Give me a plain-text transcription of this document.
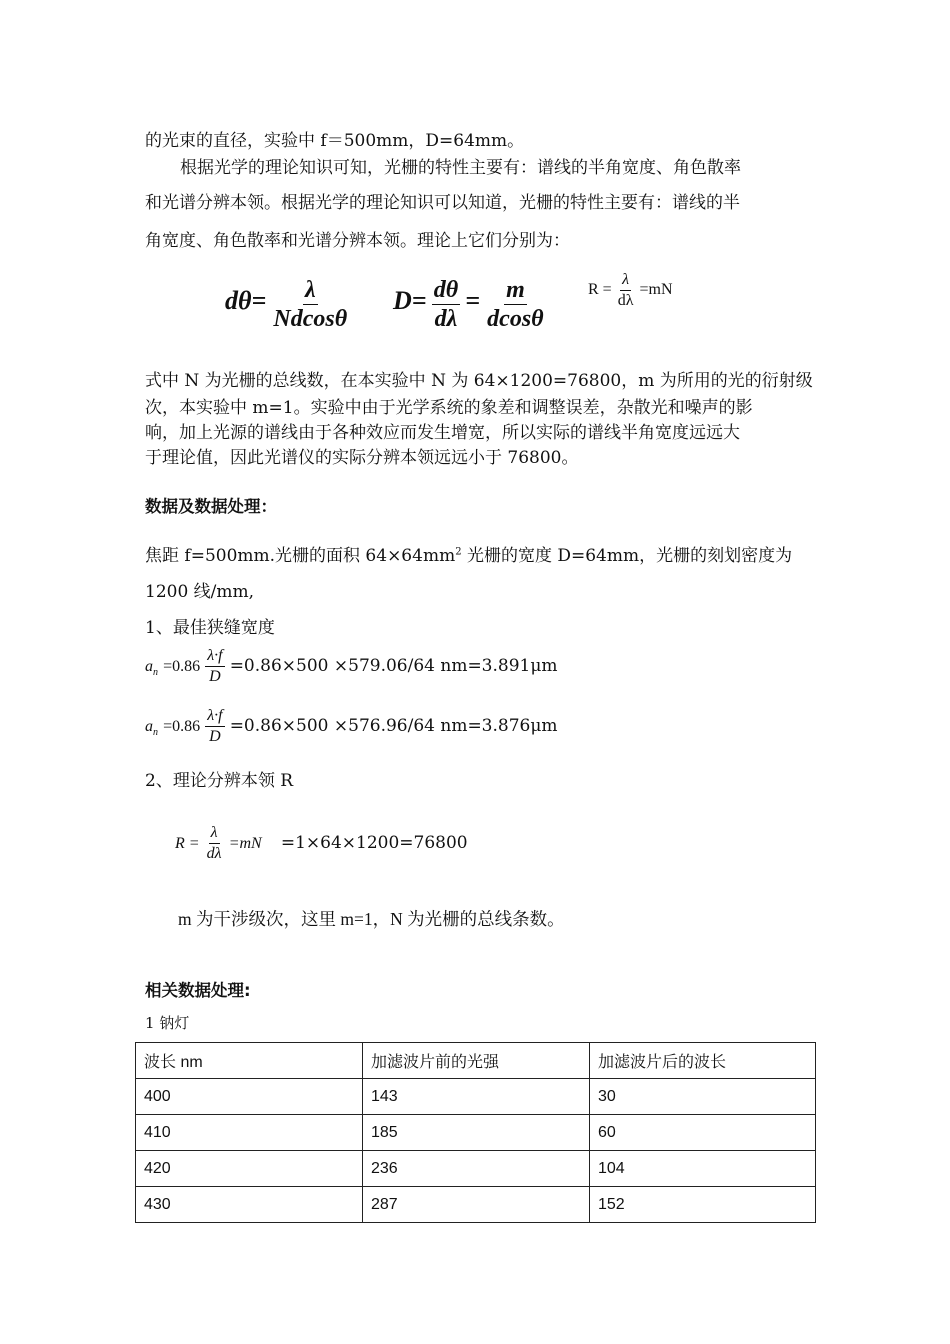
的光束的直径，实验中 f＝500mm，D=64mm。
根据光学的理论知识可知，光栅的特性主要有：谱线的半角宽度、角色散率
和光谱分辨本领。根据光学的理论知识可以知道，光栅的特性主要有：谱线的半
角宽度、角色散率和光谱分辨本领。理论上它们分别为：
$d\theta= \frac{\lambda}{Ndcos\theta} D= \frac{d\theta}{d\lambda} = \frac{m}{dcos\theta}$	$R = \frac{\lambda}{d\lambda} =mN$
式中 N 为光栅的总线数，在本实验中 N 为 64×1200=76800，m 为所用的光的衍射级
次，本实验中 m=1。实验中由于光学系统的象差和调整误差，杂散光和噪声的影
响，加上光源的谱线由于各种效应而发生增宽，所以实际的谱线半角宽度远远大
于理论值，因此光谱仪的实际分辨本领远远小于 76800。
数据及数据处理：
焦距 f=500mm.光栅的面积 $64\times 64mm^2$ 光栅的宽度 D=64mm，光栅的刻划密度为
1200 线/mm,
1、最佳狭缝宽度
$a_n =0.86 \frac{\lambda\cdot f}{D} =0.86\times 500 \times 579.06/64$ nm=3.891μm
$a_n =0.86 \frac{\lambda\cdot f}{D} =0.86\times 500 \times 576.96/64$ nm=3.876μm
2、理论分辨本领 R
$R = \frac{\lambda}{d\lambda} =mN =1\times 64\times 1200=76800$
m 为干涉级次，这里 m=1，N 为光栅的总线条数。
相关数据处理:
1 钠灯
波长 nm	加滤波片前的光强	加滤波片后的波长
400	143	30
410	185	60
420	236	104
430	287	152
